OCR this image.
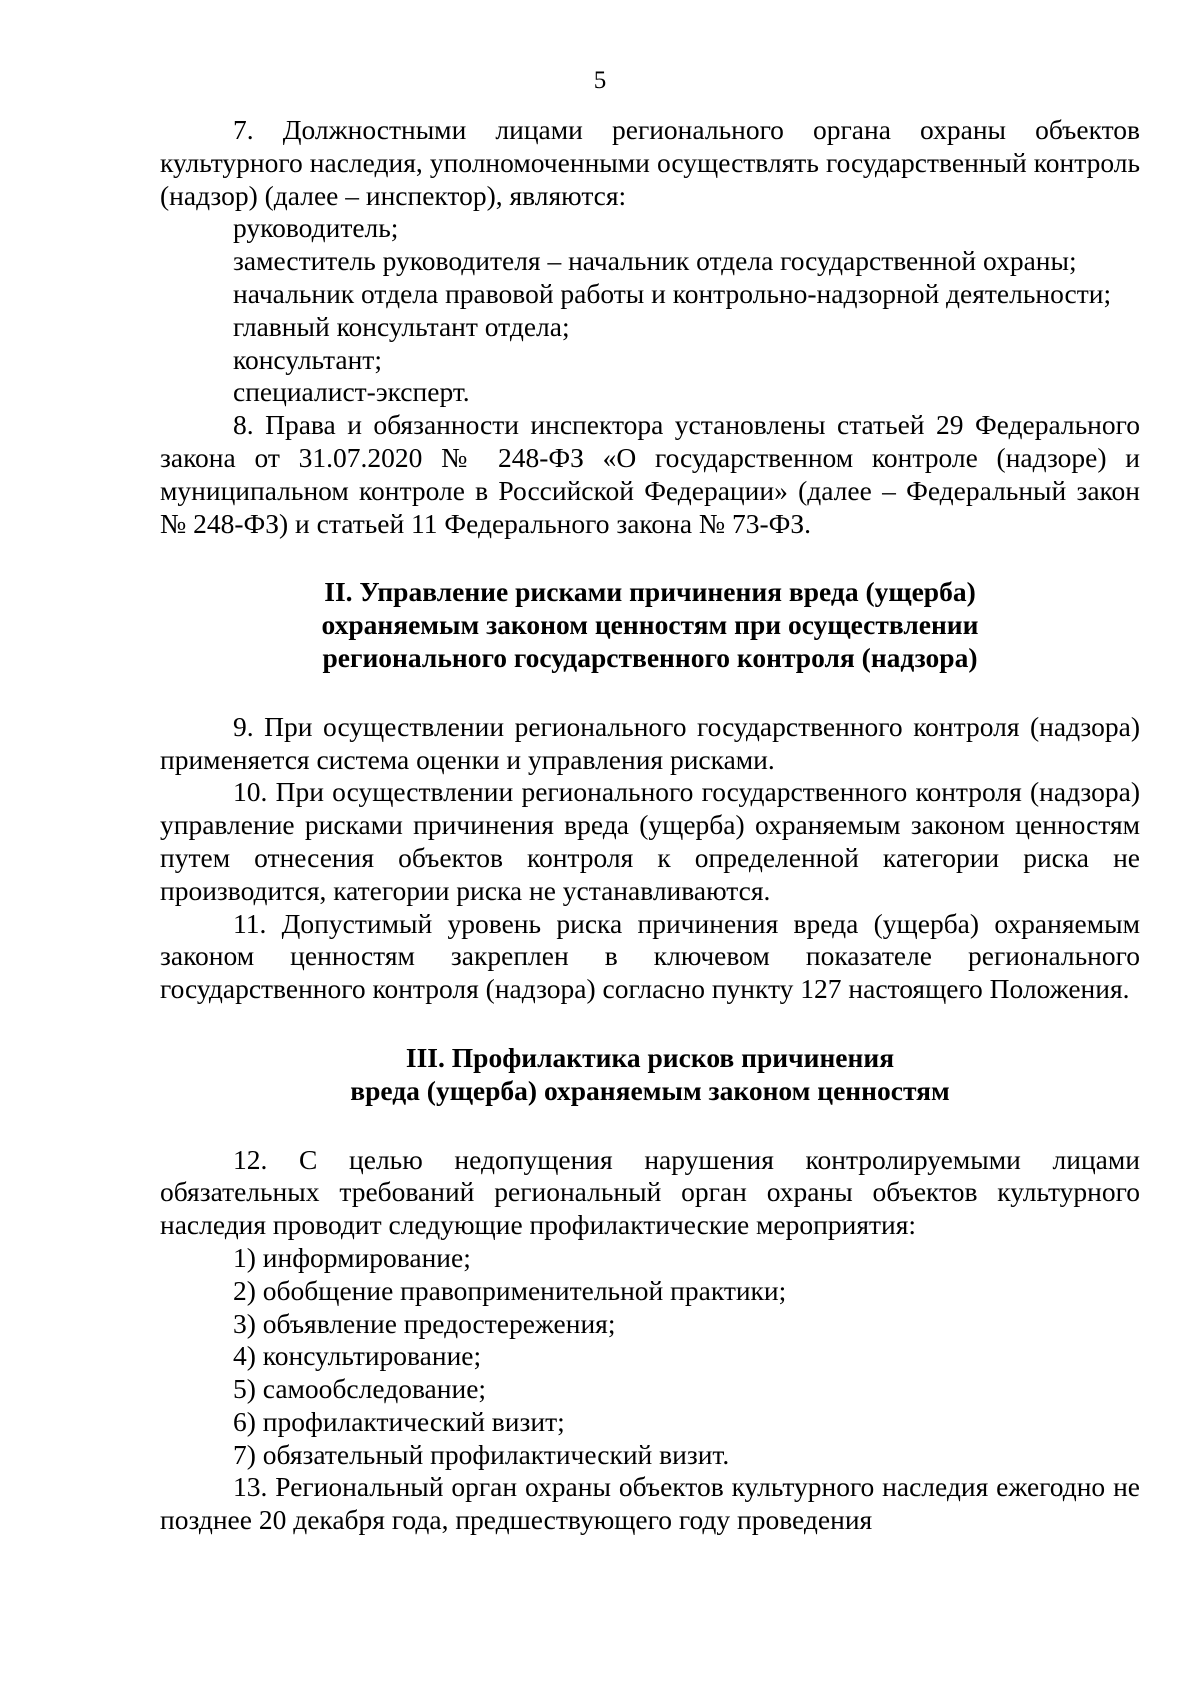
5

7. Должностными лицами регионального органа охраны объектов культурного наследия, уполномоченными осуществлять государственный контроль (надзор) (далее – инспектор), являются:

руководитель;

заместитель руководителя – начальник отдела государственной охраны;

начальник отдела правовой работы и контрольно-надзорной деятельности;

главный консультант отдела;

консультант;

специалист-эксперт.

8. Права и обязанности инспектора установлены статьей 29 Федерального закона от 31.07.2020 № 248-ФЗ «О государственном контроле (надзоре) и муниципальном контроле в Российской Федерации» (далее – Федеральный закон № 248-ФЗ) и статьей 11 Федерального закона № 73-ФЗ.

II. Управление рисками причинения вреда (ущерба)

охраняемым законом ценностям при осуществлении

регионального государственного контроля (надзора)

9. При осуществлении регионального государственного контроля (надзора) применяется система оценки и управления рисками.

10. При осуществлении регионального государственного контроля (надзора) управление рисками причинения вреда (ущерба) охраняемым законом ценностям путем отнесения объектов контроля к определенной категории риска не производится, категории риска не устанавливаются.

11. Допустимый уровень риска причинения вреда (ущерба) охраняемым законом ценностям закреплен в ключевом показателе регионального государственного контроля (надзора) согласно пункту 127 настоящего Положения.

III. Профилактика рисков причинения

вреда (ущерба) охраняемым законом ценностям

12. С целью недопущения нарушения контролируемыми лицами обязательных требований региональный орган охраны объектов культурного наследия проводит следующие профилактические мероприятия:

1) информирование;

2) обобщение правоприменительной практики;

3) объявление предостережения;

4) консультирование;

5) самообследование;

6) профилактический визит;

7) обязательный профилактический визит.

13. Региональный орган охраны объектов культурного наследия ежегодно не позднее 20 декабря года, предшествующего году проведения
